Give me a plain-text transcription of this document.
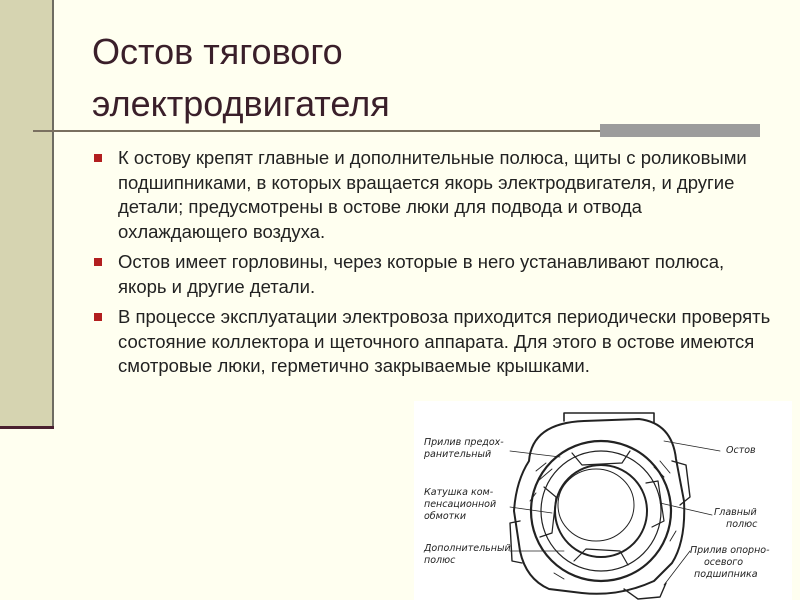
Остов тягового
электродвигателя
К остову крепят главные и дополнительные полюса, щиты с роликовыми подшипниками, в которых вращается якорь электродвигателя, и другие детали; предусмотрены в остове люки для подвода и отвода охлаждающего воздуха.
Остов имеет горловины, через которые в него устанавливают полюса, якорь и другие детали.
В процессе эксплуатации электровоза приходится периодически проверять состояние коллектора и щеточного аппарата. Для этого в остове имеются смотровые люки, герметично закрываемые крышками.
Прилив предох-
ранительный
Катушка ком-
пенсационной
обмотки
Дополнительный
полюс
Остов
Главный
полюс
Прилив опорно-
осевого
подшипника
